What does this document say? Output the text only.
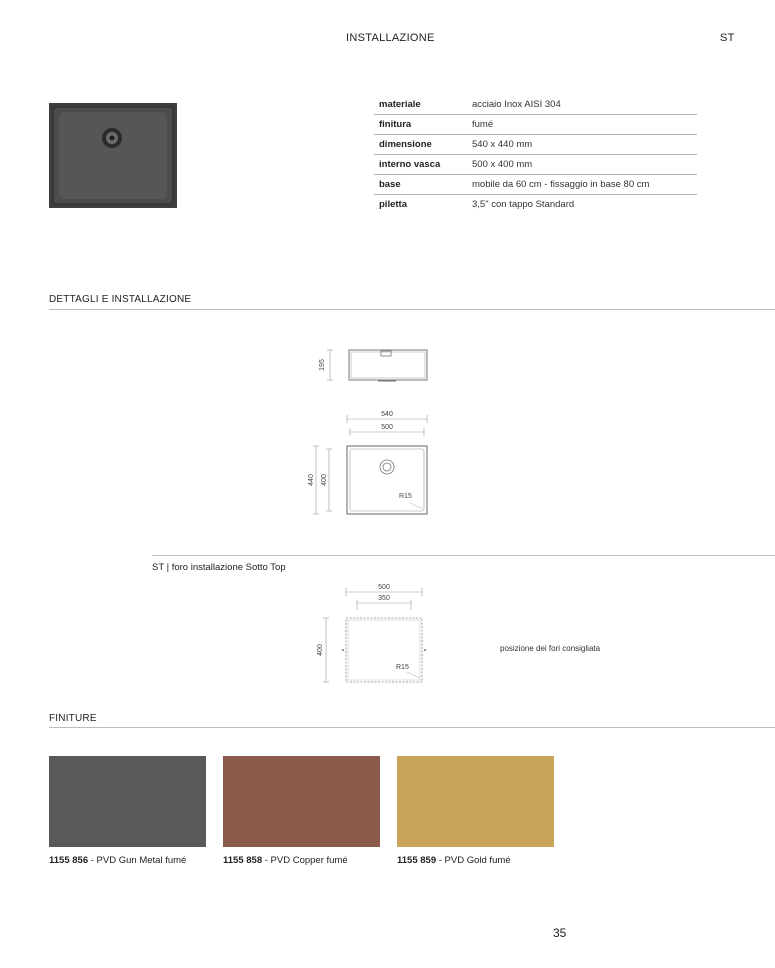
INSTALLAZIONE	ST
materiale	acciaio Inox AISI 304
finitura	fumé
dimensione	540 x 440 mm
interno vasca	500 x 400 mm
base	mobile da 60 cm - fissaggio in base 80 cm
piletta	3,5" con tappo Standard
DETTAGLI E INSTALLAZIONE
195
540
500
R15
440 400
ST | foro installazione Sotto Top
500
350
R15
400	posizione dei fori consigliata
FINITURE
1155 856 - PVD Gun Metal fumé	1155 858 - PVD Copper fumé	1155 859 - PVD Gold fumé
35
